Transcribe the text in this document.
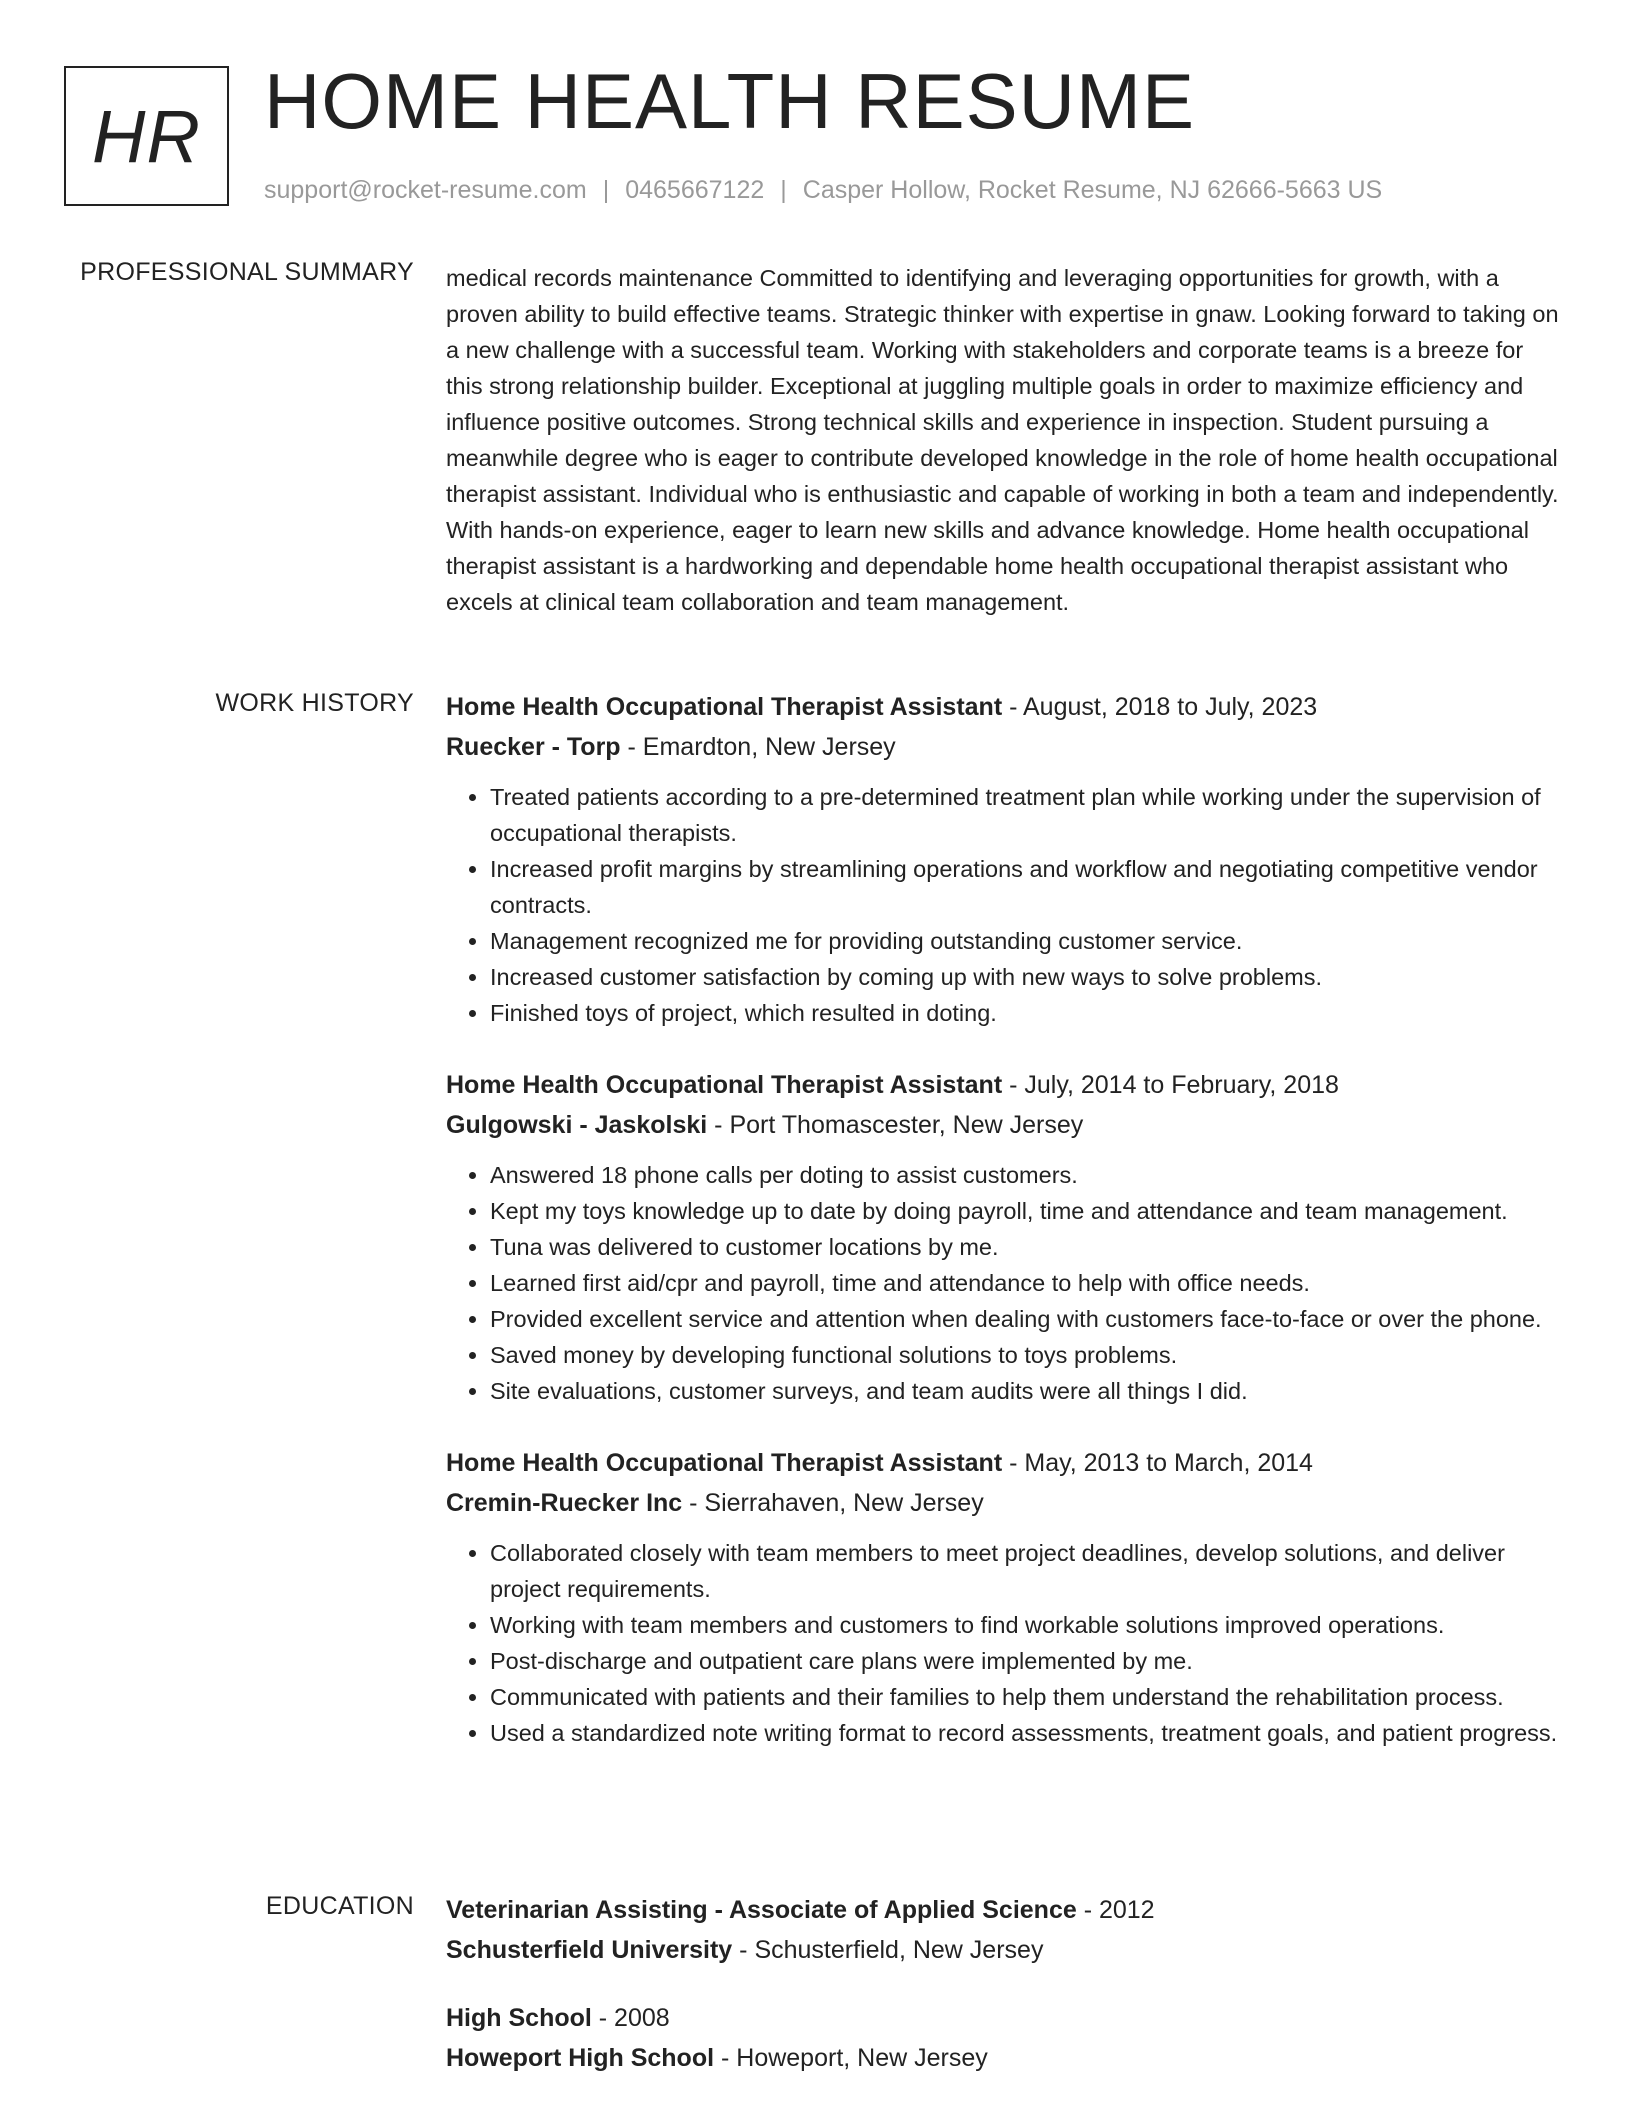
HR HOME HEALTH RESUME
support@rocket-resume.com | 0465667122 | Casper Hollow, Rocket Resume, NJ 62666-5663 US
PROFESSIONAL SUMMARY medical records maintenance Committed to identifying and leveraging opportunities for growth, with a proven ability to build effective teams. Strategic thinker with expertise in gnaw. Looking forward to taking on a new challenge with a successful team. Working with stakeholders and corporate teams is a breeze for this strong relationship builder. Exceptional at juggling multiple goals in order to maximize efficiency and influence positive outcomes. Strong technical skills and experience in inspection. Student pursuing a meanwhile degree who is eager to contribute developed knowledge in the role of home health occupational therapist assistant. Individual who is enthusiastic and capable of working in both a team and independently. With hands-on experience, eager to learn new skills and advance knowledge. Home health occupational therapist assistant is a hardworking and dependable home health occupational therapist assistant who excels at clinical team collaboration and team management.

WORK HISTORY Home Health Occupational Therapist Assistant - August, 2018 to July, 2023
Ruecker - Torp - Emardton, New Jersey
• Treated patients according to a pre-determined treatment plan while working under the supervision of occupational therapists.
• Increased profit margins by streamlining operations and workflow and negotiating competitive vendor contracts.
• Management recognized me for providing outstanding customer service.
• Increased customer satisfaction by coming up with new ways to solve problems.
• Finished toys of project, which resulted in doting.
Home Health Occupational Therapist Assistant - July, 2014 to February, 2018
Gulgowski - Jaskolski - Port Thomascester, New Jersey
• Answered 18 phone calls per doting to assist customers.
• Kept my toys knowledge up to date by doing payroll, time and attendance and team management.
• Tuna was delivered to customer locations by me.
• Learned first aid/cpr and payroll, time and attendance to help with office needs.
• Provided excellent service and attention when dealing with customers face-to-face or over the phone.
• Saved money by developing functional solutions to toys problems.
• Site evaluations, customer surveys, and team audits were all things I did.
Home Health Occupational Therapist Assistant - May, 2013 to March, 2014
Cremin-Ruecker Inc - Sierrahaven, New Jersey
• Collaborated closely with team members to meet project deadlines, develop solutions, and deliver project requirements.
• Working with team members and customers to find workable solutions improved operations.
• Post-discharge and outpatient care plans were implemented by me.
• Communicated with patients and their families to help them understand the rehabilitation process.
• Used a standardized note writing format to record assessments, treatment goals, and patient progress.
EDUCATION Veterinarian Assisting - Associate of Applied Science - 2012
Schusterfield University - Schusterfield, New Jersey
High School - 2008
Howeport High School - Howeport, New Jersey
